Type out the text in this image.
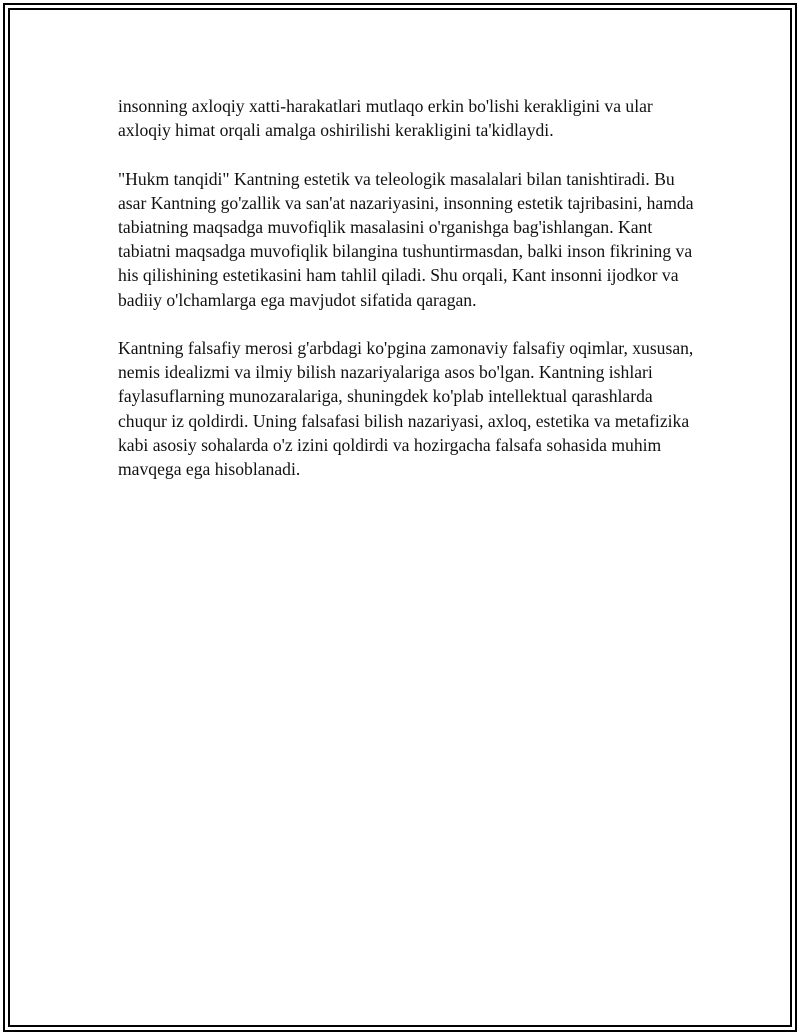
insonning axloqiy xatti-harakatlari mutlaqo erkin bo'lishi kerakligini va ular axloqiy himat orqali amalga oshirilishi kerakligini ta'kidlaydi.

"Hukm tanqidi" Kantning estetik va teleologik masalalari bilan tanishtiradi. Bu asar Kantning go'zallik va san'at nazariyasini, insonning estetik tajribasini, hamda tabiatning maqsadga muvofiqlik masalasini o'rganishga bag'ishlangan. Kant tabiatni maqsadga muvofiqlik bilangina tushuntirmasdan, balki inson fikrining va his qilishining estetikasini ham tahlil qiladi. Shu orqali, Kant insonni ijodkor va badiiy o'lchamlarga ega mavjudot sifatida qaragan.

Kantning falsafiy merosi g'arbdagi ko'pgina zamonaviy falsafiy oqimlar, xususan, nemis idealizmi va ilmiy bilish nazariyalariga asos bo'lgan. Kantning ishlari faylasuflarning munozaralariga, shuningdek ko'plab intellektual qarashlarda chuqur iz qoldirdi. Uning falsafasi bilish nazariyasi, axloq, estetika va metafizika kabi asosiy sohalarda o'z izini qoldirdi va hozirgacha falsafa sohasida muhim mavqega ega hisoblanadi.
